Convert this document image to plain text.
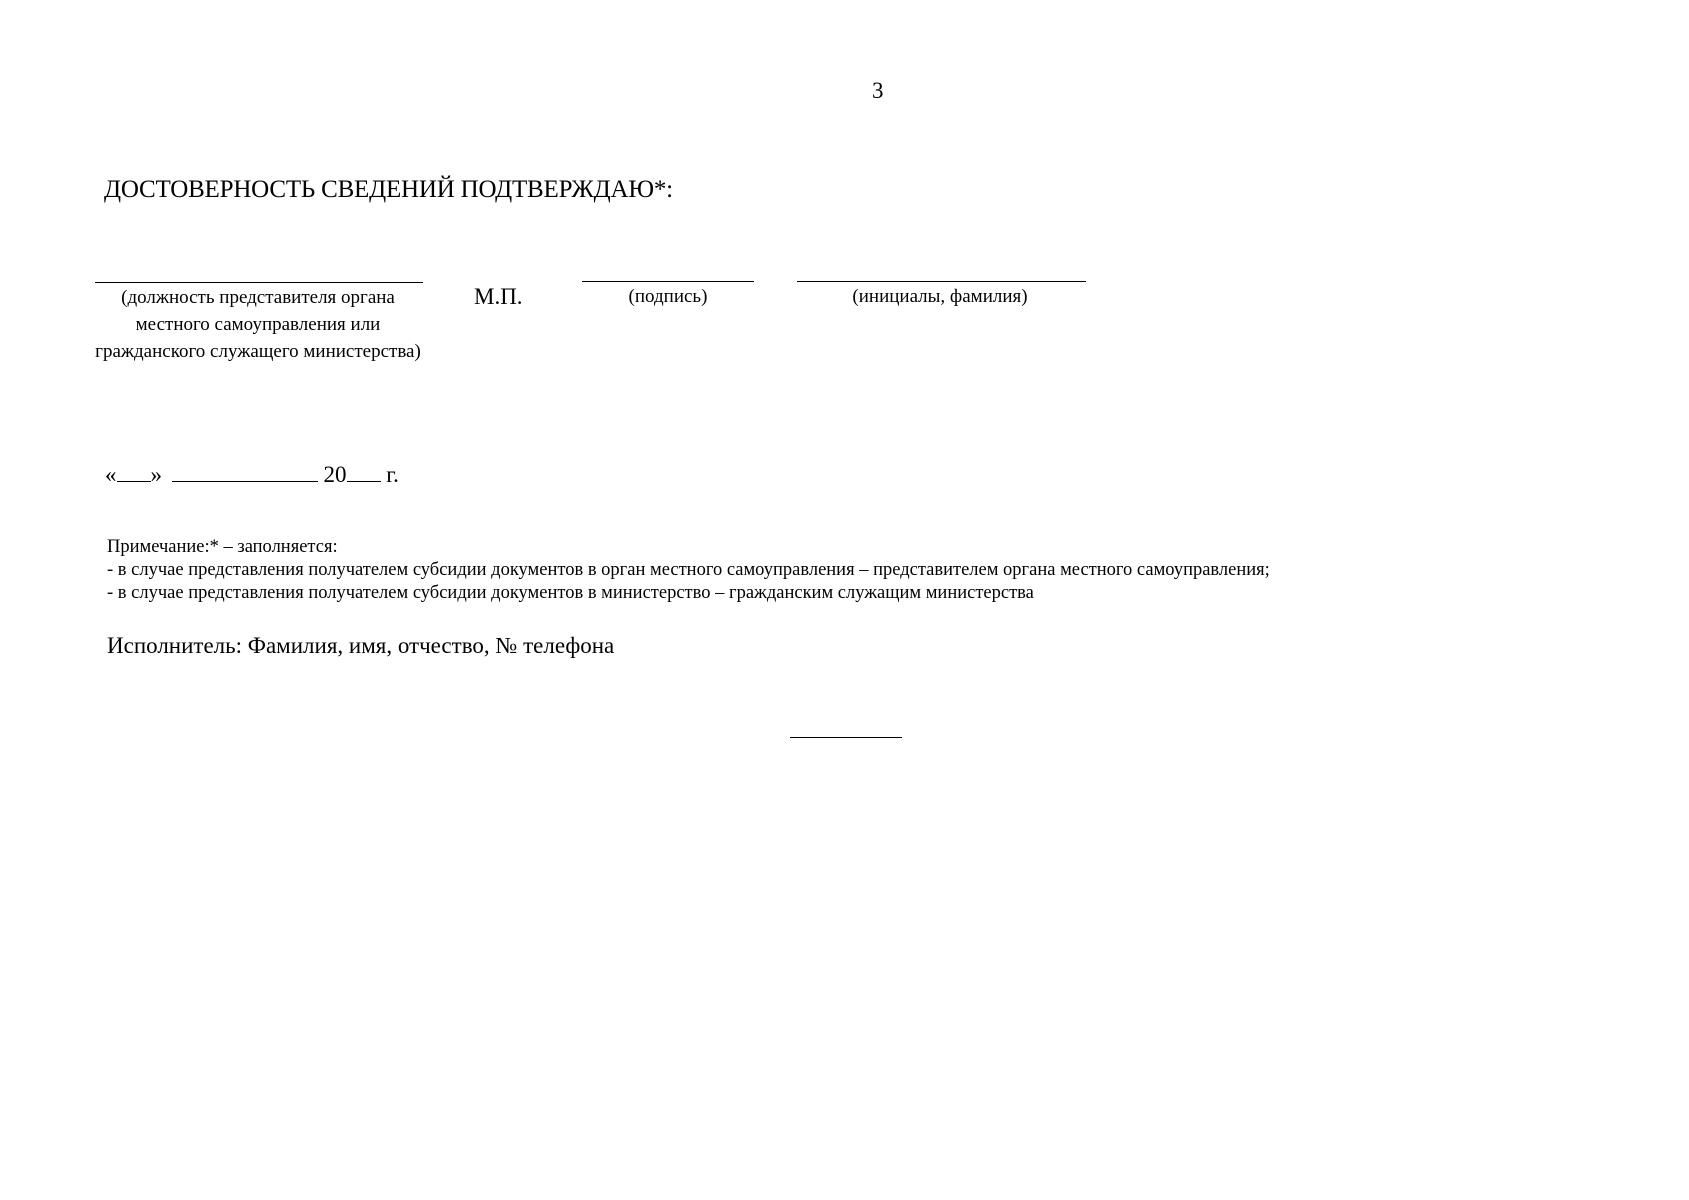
3
ДОСТОВЕРНОСТЬ СВЕДЕНИЙ ПОДТВЕРЖДАЮ*:
(должность представителя органа местного самоуправления или гражданского служащего министерства)
М.П.	(подпись)	(инициалы, фамилия)
« »	20 г.
Примечание:* – заполняется:
- в случае представления получателем субсидии документов в орган местного самоуправления – представителем органа местного самоуправления;
- в случае представления получателем субсидии документов в министерство – гражданским служащим министерства
Исполнитель: Фамилия, имя, отчество, № телефона
